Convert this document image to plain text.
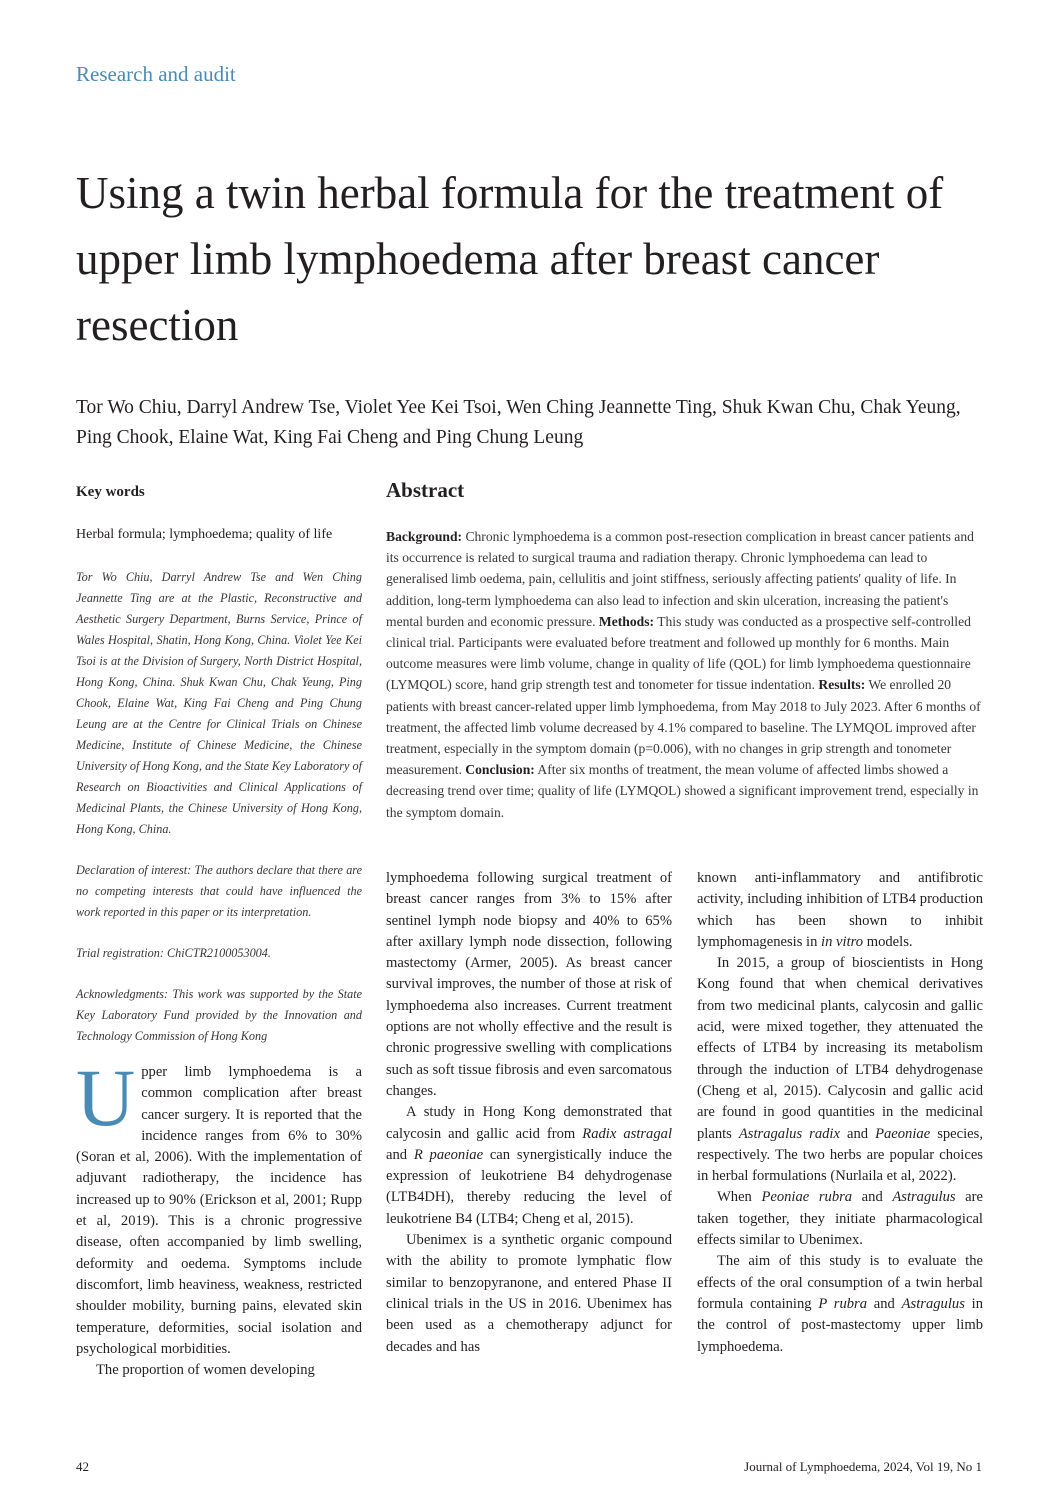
Research and audit
Using a twin herbal formula for the treatment of upper limb lymphoedema after breast cancer resection

Tor Wo Chiu, Darryl Andrew Tse, Violet Yee Kei Tsoi, Wen Ching Jeannette Ting, Shuk Kwan Chu, Chak Yeung, Ping Chook, Elaine Wat, King Fai Cheng and Ping Chung Leung

Key words

Herbal formula; lymphoedema; quality of life

Tor Wo Chiu, Darryl Andrew Tse and Wen Ching Jeannette Ting are at the Plastic, Reconstructive and Aesthetic Surgery Department, Burns Service, Prince of Wales Hospital, Shatin, Hong Kong, China. Violet Yee Kei Tsoi is at the Division of Surgery, North District Hospital, Hong Kong, China. Shuk Kwan Chu, Chak Yeung, Ping Chook, Elaine Wat, King Fai Cheng and Ping Chung Leung are at the Centre for Clinical Trials on Chinese Medicine, Institute of Chinese Medicine, the Chinese University of Hong Kong, and the State Key Laboratory of Research on Bioactivities and Clinical Applications of Medicinal Plants, the Chinese University of Hong Kong, Hong Kong, China.

Declaration of interest: The authors declare that there are no competing interests that could have influenced the work reported in this paper or its interpretation.

Trial registration: ChiCTR2100053004.

Acknowledgments: This work was supported by the State Key Laboratory Fund provided by the Innovation and Technology Commission of Hong Kong

Abstract

Background: Chronic lymphoedema is a common post-resection complication in breast cancer patients and its occurrence is related to surgical trauma and radiation therapy. Chronic lymphoedema can lead to generalised limb oedema, pain, cellulitis and joint stiffness, seriously affecting patients' quality of life. In addition, long-term lymphoedema can also lead to infection and skin ulceration, increasing the patient's mental burden and economic pressure. Methods: This study was conducted as a prospective self-controlled clinical trial. Participants were evaluated before treatment and followed up monthly for 6 months. Main outcome measures were limb volume, change in quality of life (QOL) for limb lymphoedema questionnaire (LYMQOL) score, hand grip strength test and tonometer for tissue indentation. Results: We enrolled 20 patients with breast cancer-related upper limb lymphoedema, from May 2018 to July 2023. After 6 months of treatment, the affected limb volume decreased by 4.1% compared to baseline. The LYMQOL improved after treatment, especially in the symptom domain (p=0.006), with no changes in grip strength and tonometer measurement. Conclusion: After six months of treatment, the mean volume of affected limbs showed a decreasing trend over time; quality of life (LYMQOL) showed a significant improvement trend, especially in the symptom domain.

Upper limb lymphoedema is a common complication after breast cancer surgery. It is reported that the incidence ranges from 6% to 30% (Soran et al, 2006). With the implementation of adjuvant radiotherapy, the incidence has increased up to 90% (Erickson et al, 2001; Rupp et al, 2019). This is a chronic progressive disease, often accompanied by limb swelling, deformity and oedema. Symptoms include discomfort, limb heaviness, weakness, restricted shoulder mobility, burning pains, elevated skin temperature, deformities, social isolation and psychological morbidities.

The proportion of women developing

lymphoedema following surgical treatment of breast cancer ranges from 3% to 15% after sentinel lymph node biopsy and 40% to 65% after axillary lymph node dissection, following mastectomy (Armer, 2005). As breast cancer survival improves, the number of those at risk of lymphoedema also increases. Current treatment options are not wholly effective and the result is chronic progressive swelling with complications such as soft tissue fibrosis and even sarcomatous changes.

A study in Hong Kong demonstrated that calycosin and gallic acid from Radix astragal and R paeoniae can synergistically induce the expression of leukotriene B4 dehydrogenase (LTB4DH), thereby reducing the level of leukotriene B4 (LTB4; Cheng et al, 2015).

Ubenimex is a synthetic organic compound with the ability to promote lymphatic flow similar to benzopyranone, and entered Phase II clinical trials in the US in 2016. Ubenimex has been used as a chemotherapy adjunct for decades and has

known anti-inflammatory and antifibrotic activity, including inhibition of LTB4 production which has been shown to inhibit lymphomagenesis in in vitro models.

In 2015, a group of bioscientists in Hong Kong found that when chemical derivatives from two medicinal plants, calycosin and gallic acid, were mixed together, they attenuated the effects of LTB4 by increasing its metabolism through the induction of LTB4 dehydrogenase (Cheng et al, 2015). Calycosin and gallic acid are found in good quantities in the medicinal plants Astragalus radix and Paeoniae species, respectively. The two herbs are popular choices in herbal formulations (Nurlaila et al, 2022).

When Peoniae rubra and Astragulus are taken together, they initiate pharmacological effects similar to Ubenimex.

The aim of this study is to evaluate the effects of the oral consumption of a twin herbal formula containing P rubra and Astragulus in the control of post-mastectomy upper limb lymphoedema.

42	Journal of Lymphoedema, 2024, Vol 19, No 1
